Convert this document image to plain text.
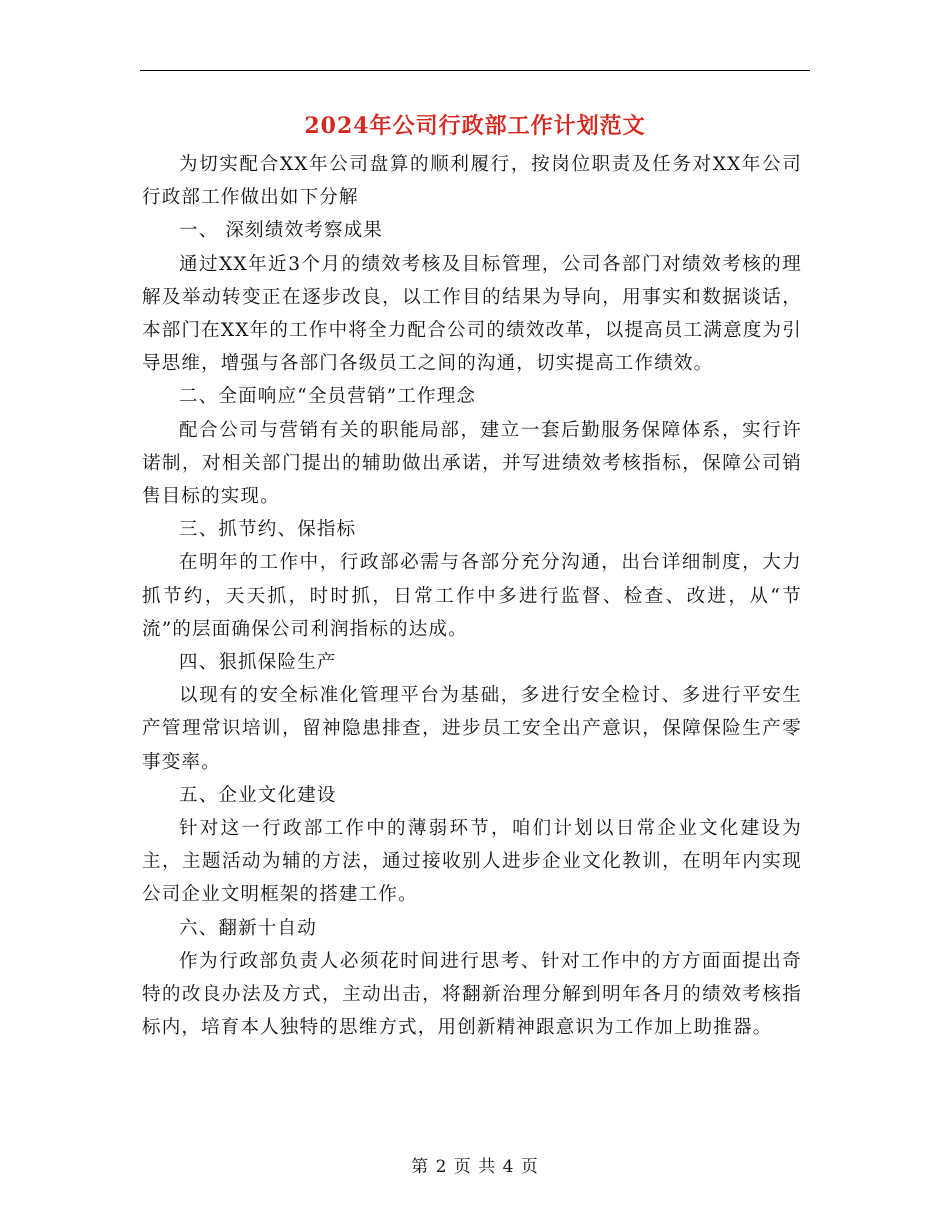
2024年公司行政部工作计划范文

为切实配合XX年公司盘算的顺利履行，按岗位职责及任务对XX年公司行政部工作做出如下分解

一、 深刻绩效考察成果

通过XX年近3个月的绩效考核及目标管理，公司各部门对绩效考核的理解及举动转变正在逐步改良，以工作目的结果为导向，用事实和数据谈话，本部门在XX年的工作中将全力配合公司的绩效改革，以提高员工满意度为引导思维，增强与各部门各级员工之间的沟通，切实提高工作绩效。

二、全面响应“全员营销”工作理念

配合公司与营销有关的职能局部，建立一套后勤服务保障体系，实行许诺制，对相关部门提出的辅助做出承诺，并写进绩效考核指标，保障公司销售目标的实现。

三、抓节约、保指标

在明年的工作中，行政部必需与各部分充分沟通，出台详细制度，大力抓节约，天天抓，时时抓，日常工作中多进行监督、检查、改进，从“节流”的层面确保公司利润指标的达成。

四、狠抓保险生产

以现有的安全标准化管理平台为基础，多进行安全检讨、多进行平安生产管理常识培训，留神隐患排查，进步员工安全出产意识，保障保险生产零事变率。

五、企业文化建设

针对这一行政部工作中的薄弱环节，咱们计划以日常企业文化建设为主，主题活动为辅的方法，通过接收别人进步企业文化教训，在明年内实现公司企业文明框架的搭建工作。

六、翻新十自动

作为行政部负责人必须花时间进行思考、针对工作中的方方面面提出奇特的改良办法及方式，主动出击，将翻新治理分解到明年各月的绩效考核指标内，培育本人独特的思维方式，用创新精神跟意识为工作加上助推器。

第 2 页 共 4 页
